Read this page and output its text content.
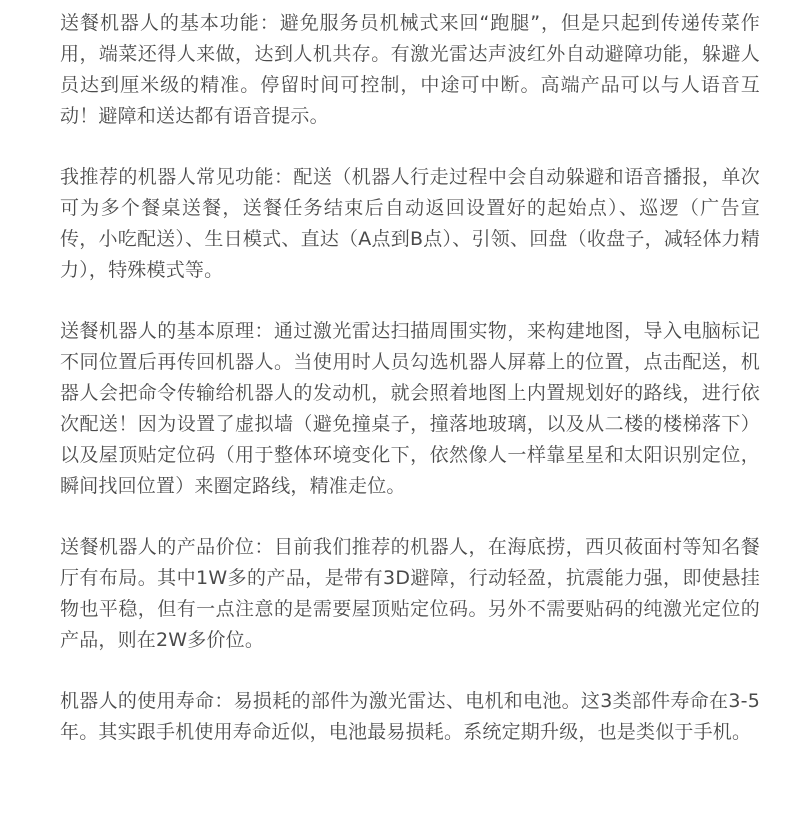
送餐机器人的基本功能：避免服务员机械式来回“跑腿”，但是只起到传递传菜作用，端菜还得人来做，达到人机共存。有激光雷达声波红外自动避障功能，躲避人员达到厘米级的精准。停留时间可控制，中途可中断。高端产品可以与人语音互动！避障和送达都有语音提示。

我推荐的机器人常见功能：配送（机器人行走过程中会自动躲避和语音播报，单次可为多个餐桌送餐，送餐任务结束后自动返回设置好的起始点）、巡逻（广告宣传，小吃配送）、生日模式、直达（A点到B点）、引领、回盘（收盘子，减轻体力精力），特殊模式等。

送餐机器人的基本原理：通过激光雷达扫描周围实物，来构建地图，导入电脑标记不同位置后再传回机器人。当使用时人员勾选机器人屏幕上的位置，点击配送，机器人会把命令传输给机器人的发动机，就会照着地图上内置规划好的路线，进行依次配送！因为设置了虚拟墙（避免撞桌子，撞落地玻璃，以及从二楼的楼梯落下）以及屋顶贴定位码（用于整体环境变化下，依然像人一样靠星星和太阳识别定位，瞬间找回位置）来圈定路线，精准走位。

送餐机器人的产品价位：目前我们推荐的机器人，在海底捞，西贝莜面村等知名餐厅有布局。其中1W多的产品，是带有3D避障，行动轻盈，抗震能力强，即使悬挂物也平稳，但有一点注意的是需要屋顶贴定位码。另外不需要贴码的纯激光定位的产品，则在2W多价位。

机器人的使用寿命：易损耗的部件为激光雷达、电机和电池。这3类部件寿命在3-5年。其实跟手机使用寿命近似，电池最易损耗。系统定期升级，也是类似于手机。
